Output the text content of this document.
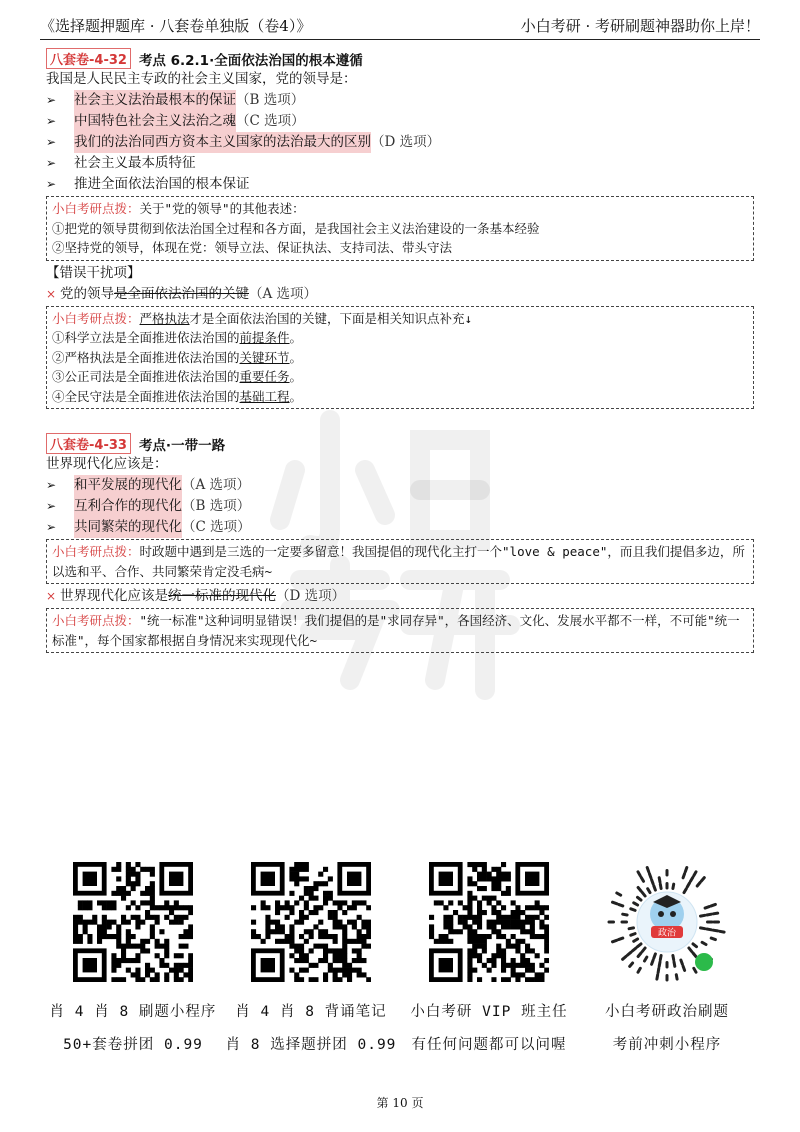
《选择题押题库 · 八套卷单独版（卷4）》	小白考研 · 考研刷题神器助你上岸！
八套卷-4-32 考点 6.2.1·全面依法治国的根本遵循
我国是人民民主专政的社会主义国家，党的领导是：
➢	社会主义法治最根本的保证 （B 选项）
➢	中国特色社会主义法治之魂 （C 选项）
➢	我们的法治同西方资本主义国家的法治最大的区别 （D 选项）
➢	社会主义最本质特征
➢	推进全面依法治国的根本保证
小白考研点拨：关于"党的领导"的其他表述：
①把党的领导贯彻到依法治国全过程和各方面，是我国社会主义法治建设的一条基本经验
②坚持党的领导，体现在党：领导立法、保证执法、支持司法、带头守法
【错误干扰项】
× 党的领导是全面依法治国的关键（A 选项）
小白考研点拨：严格执法才是全面依法治国的关键，下面是相关知识点补充↓
①科学立法是全面推进依法治国的前提条件。
②严格执法是全面推进依法治国的关键环节。
③公正司法是全面推进依法治国的重要任务。
④全民守法是全面推进依法治国的基础工程。
八套卷-4-33 考点·一带一路
世界现代化应该是：
➢	和平发展的现代化 （A 选项）
➢	互利合作的现代化 （B 选项）
➢	共同繁荣的现代化 （C 选项）
小白考研点拨：时政题中遇到是三选的一定要多留意！我国提倡的现代化主打一个"love & peace"，而且我们提倡多边，所以选和平、合作、共同繁荣肯定没毛病~
× 世界现代化应该是统一标准的现代化（D 选项）
小白考研点拨："统一标准"这种词明显错误！我们提倡的是"求同存异"，各国经济、文化、发展水平都不一样，不可能"统一标准"，每个国家都根据自身情况来实现现代化~
肖 4 肖 8 刷题小程序
50+套卷拼团 0.99
肖 4 肖 8 背诵笔记
肖 8 选择题拼团 0.99
小白考研 VIP 班主任
有任何问题都可以问喔
政治
小白考研政治刷题
考前冲刺小程序
第 10 页
